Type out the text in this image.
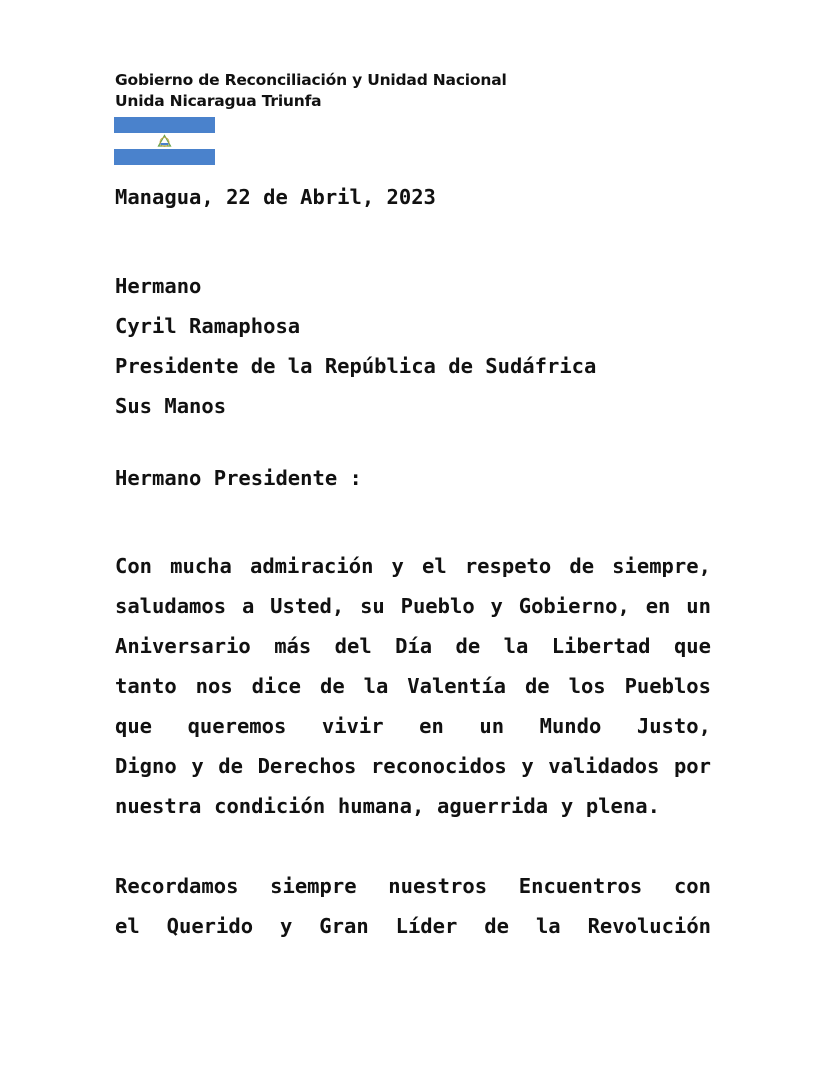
Gobierno de Reconciliación y Unidad Nacional
Unida Nicaragua Triunfa
Managua, 22 de Abril, 2023
Hermano
Cyril Ramaphosa
Presidente de la República de Sudáfrica
Sus Manos
Hermano Presidente :
Con mucha admiración y el respeto de siempre,
saludamos a Usted, su Pueblo y Gobierno, en un
Aniversario más del Día de la Libertad que
tanto nos dice de la Valentía de los Pueblos
que queremos vivir en un Mundo Justo,
Digno y de Derechos reconocidos y validados por
nuestra condición humana, aguerrida y plena.
Recordamos siempre nuestros Encuentros con
el Querido y Gran Líder de la Revolución
